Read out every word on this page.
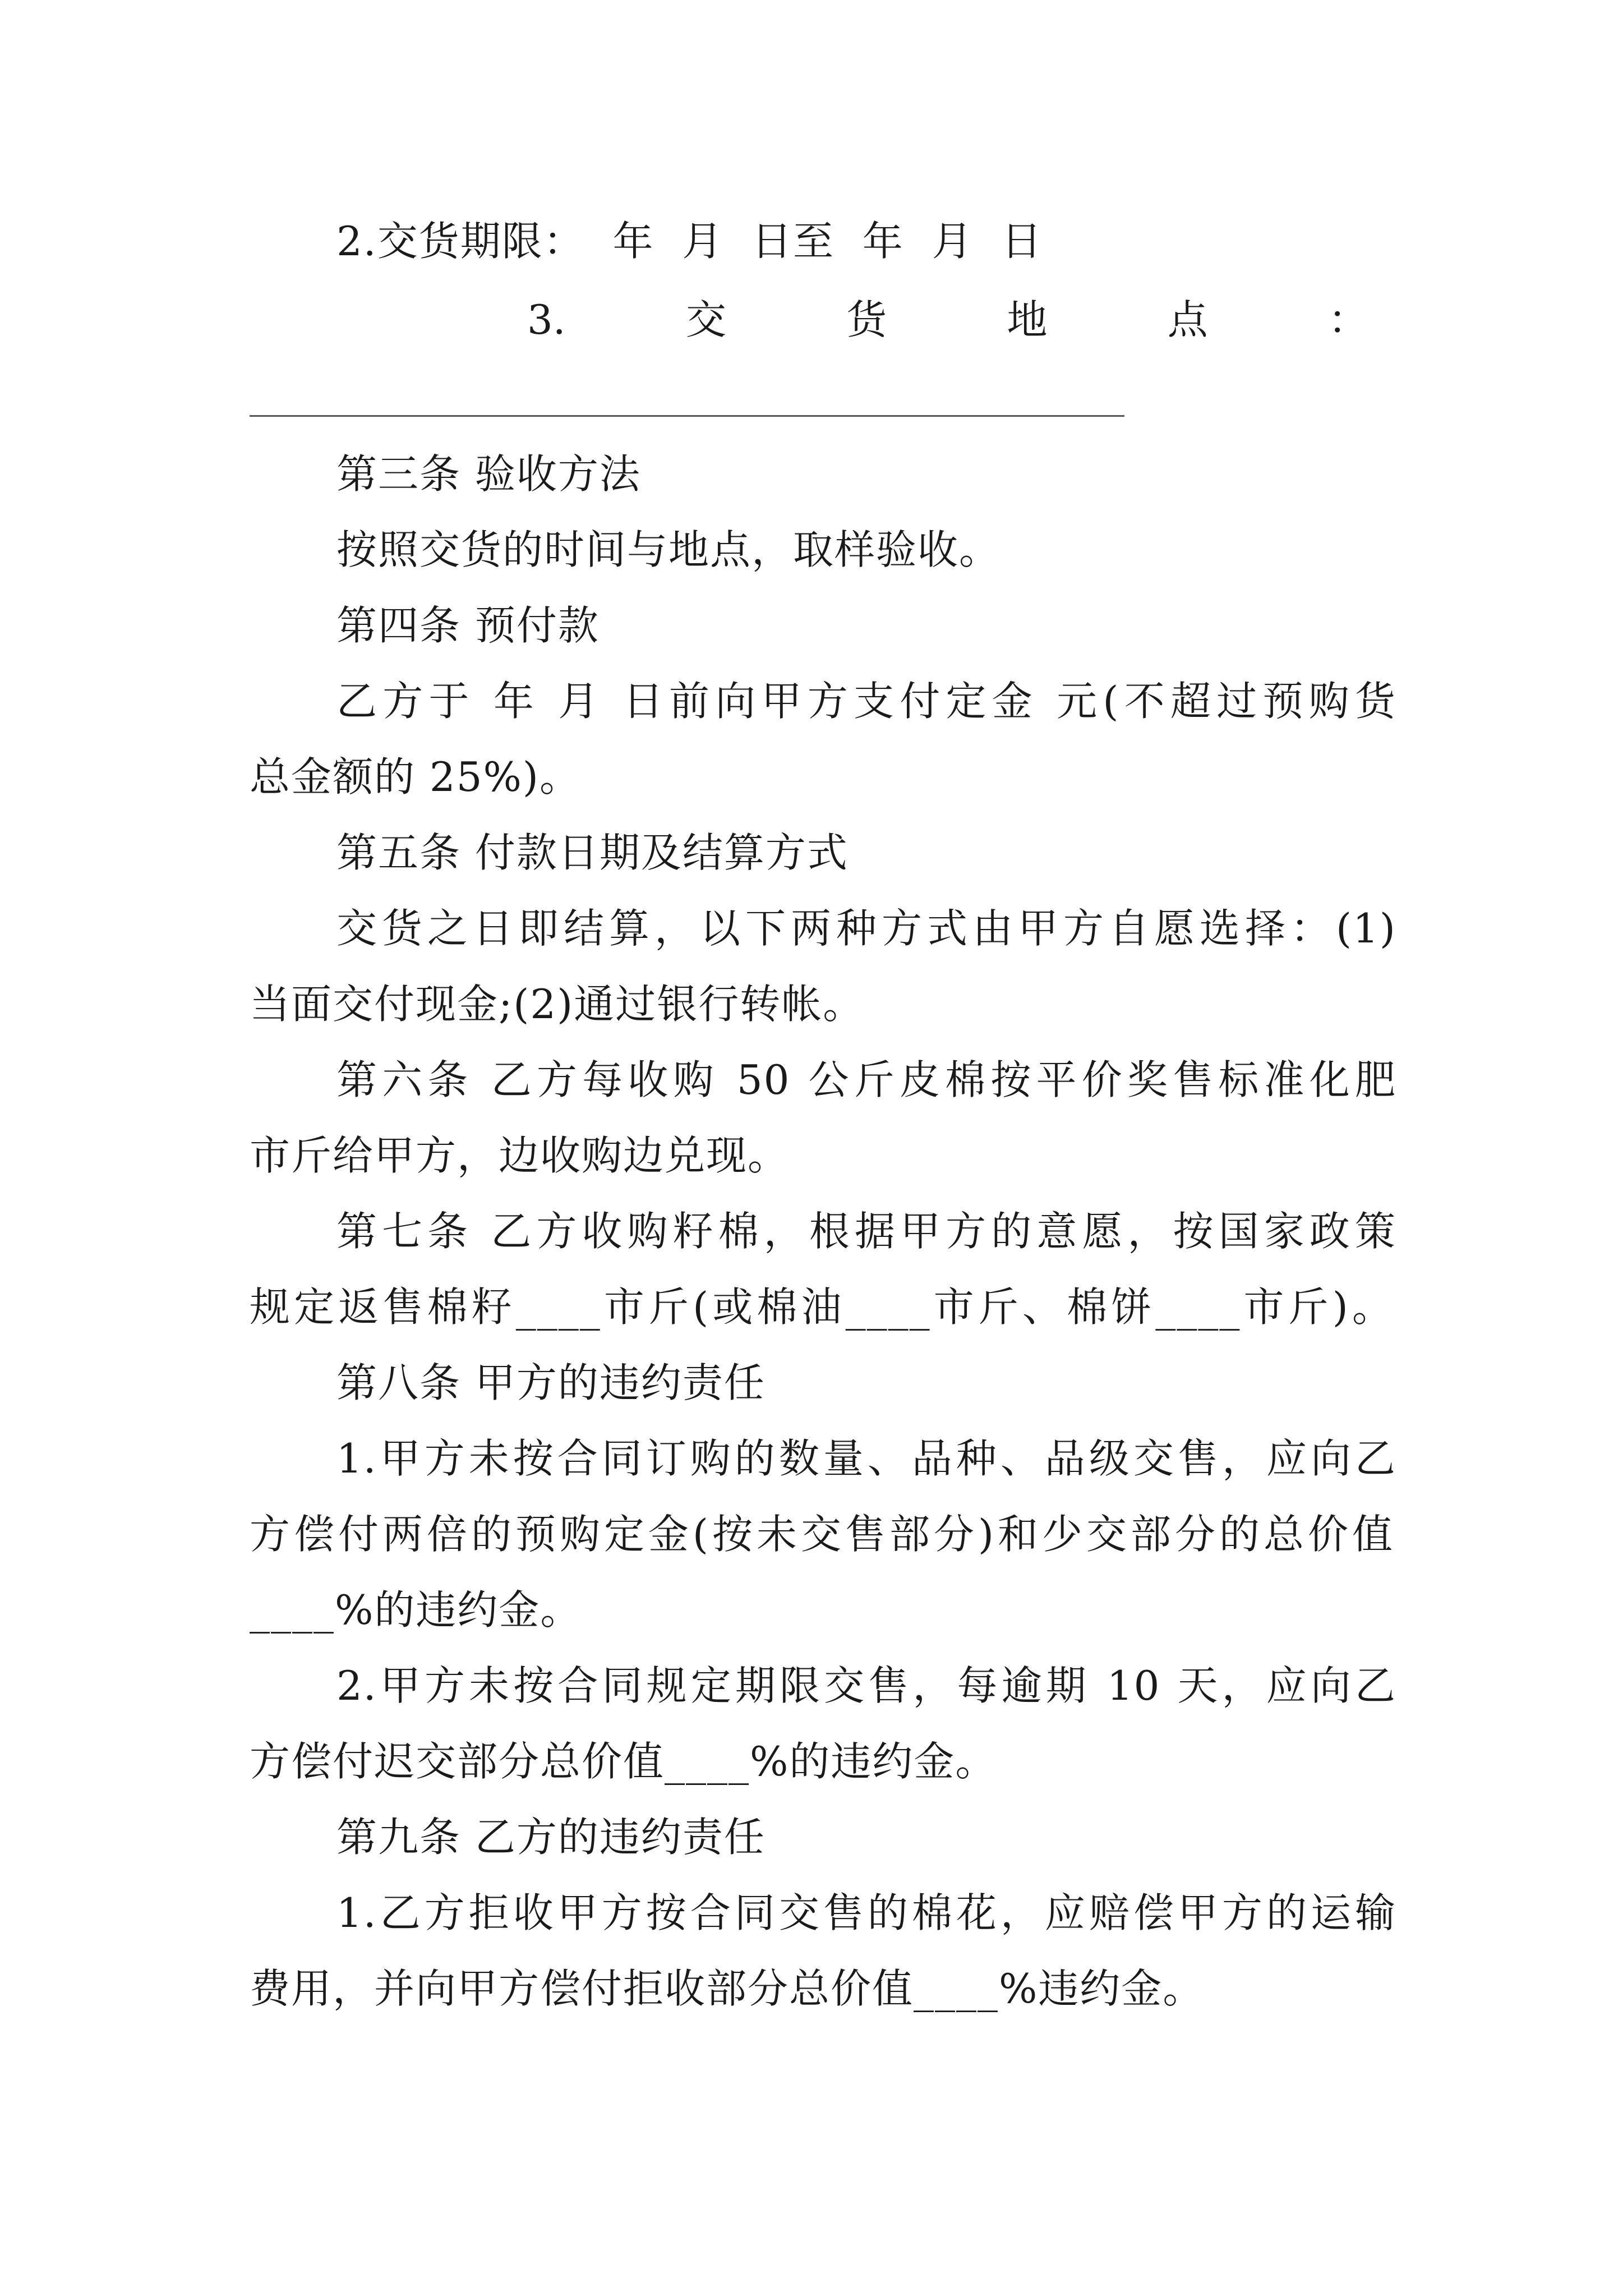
2.交货期限：  年  月  日至  年  月  日
3.	交	货	地	点	：
第三条 验收方法
按照交货的时间与地点，取样验收。
第四条 预付款
乙方于 年 月 日前向甲方支付定金 元(不超过预购货
总金额的 25%)。
第五条 付款日期及结算方式
交货之日即结算，以下两种方式由甲方自愿选择：(1)
当面交付现金;(2)通过银行转帐。
第六条 乙方每收购 50 公斤皮棉按平价奖售标准化肥
市斤给甲方，边收购边兑现。
第七条 乙方收购籽棉，根据甲方的意愿，按国家政策
规定返售棉籽____市斤(或棉油____市斤、棉饼____市斤)。
第八条 甲方的违约责任
1.甲方未按合同订购的数量、品种、品级交售，应向乙
方偿付两倍的预购定金(按未交售部分)和少交部分的总价值
____%的违约金。
2.甲方未按合同规定期限交售，每逾期 10 天，应向乙
方偿付迟交部分总价值____%的违约金。
第九条 乙方的违约责任
1.乙方拒收甲方按合同交售的棉花，应赔偿甲方的运输
费用，并向甲方偿付拒收部分总价值____%违约金。
